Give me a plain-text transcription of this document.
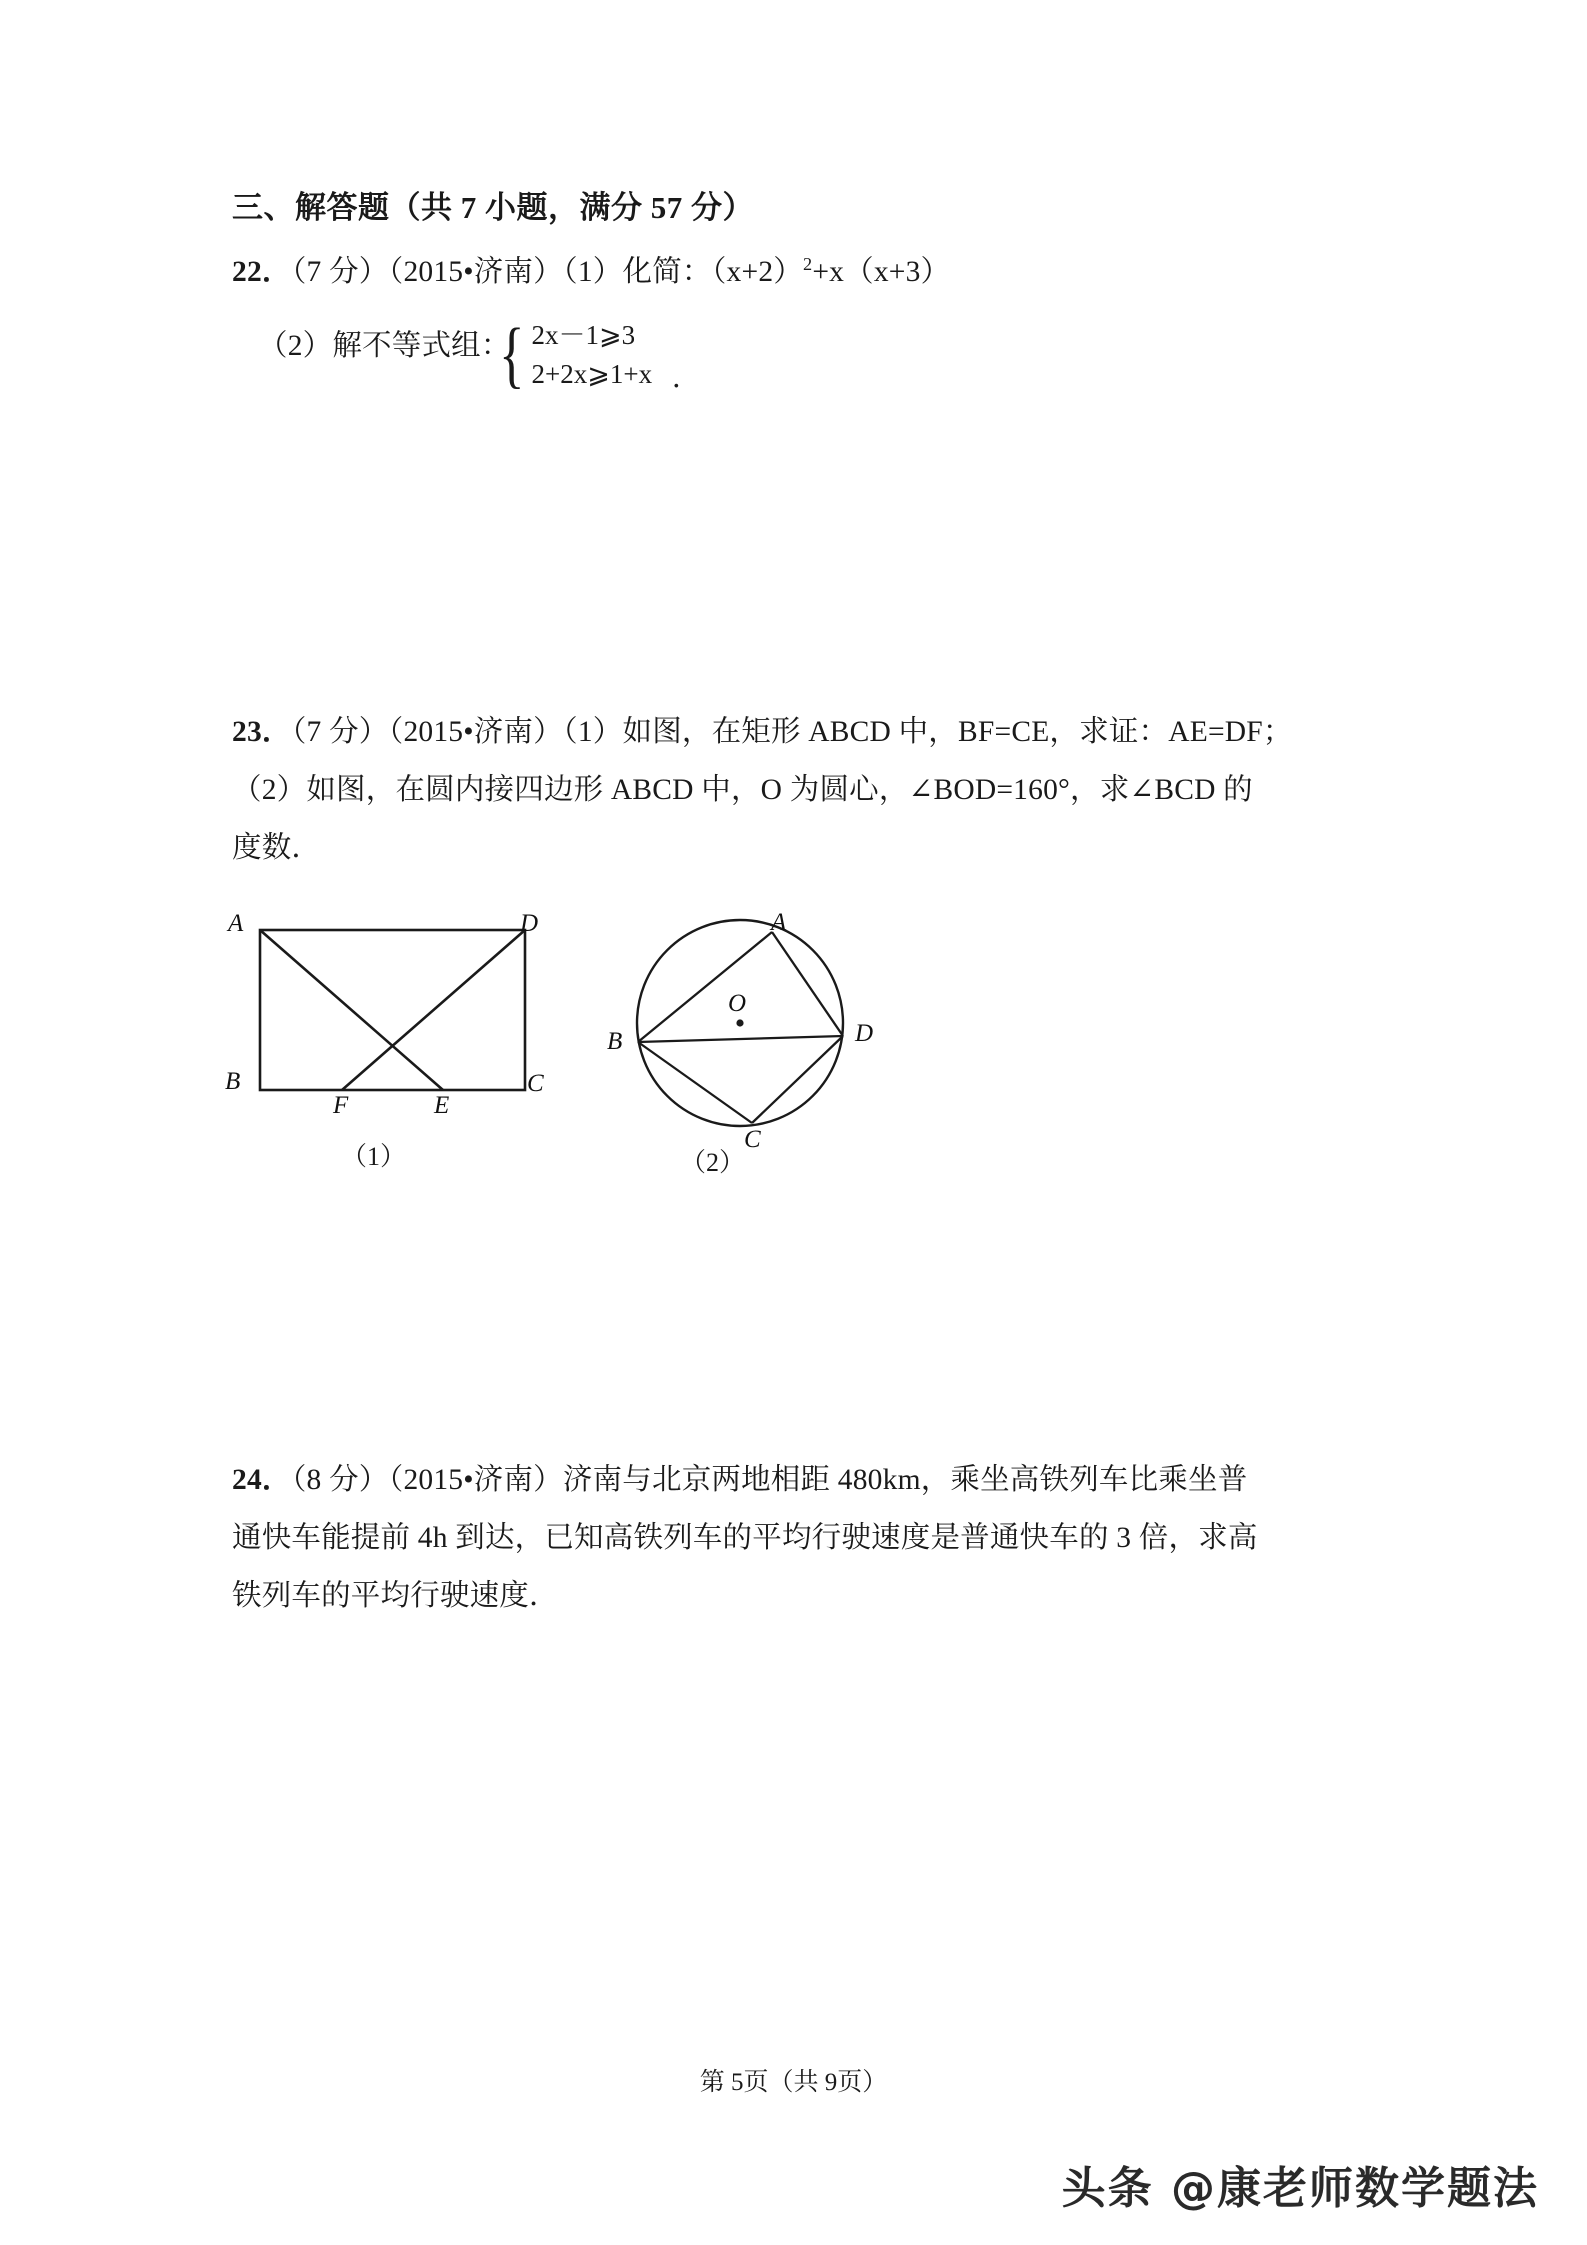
三、解答题（共 7 小题，满分 57 分）
22．（7 分）（2015•济南）（1）化简：$(x+2)^2+x(x+3)$
（2）解不等式组：
{ 2x－1⩾3
2+2x⩾1+x ．
23．（7 分）（2015•济南）（1）如图，在矩形 ABCD 中，BF=CE，求证：AE=DF；
（2）如图，在圆内接四边形 ABCD 中，O 为圆心，∠BOD=160°，求∠BCD 的
度数．
A	D
B	C
F	E
（1）
A
B
C
D
O
（2）
24．（8 分）（2015•济南）济南与北京两地相距 480km，乘坐高铁列车比乘坐普
通快车能提前 4h 到达，已知高铁列车的平均行驶速度是普通快车的 3 倍，求高
铁列车的平均行驶速度．
第 5页（共 9页）
头条 @康老师数学题法
